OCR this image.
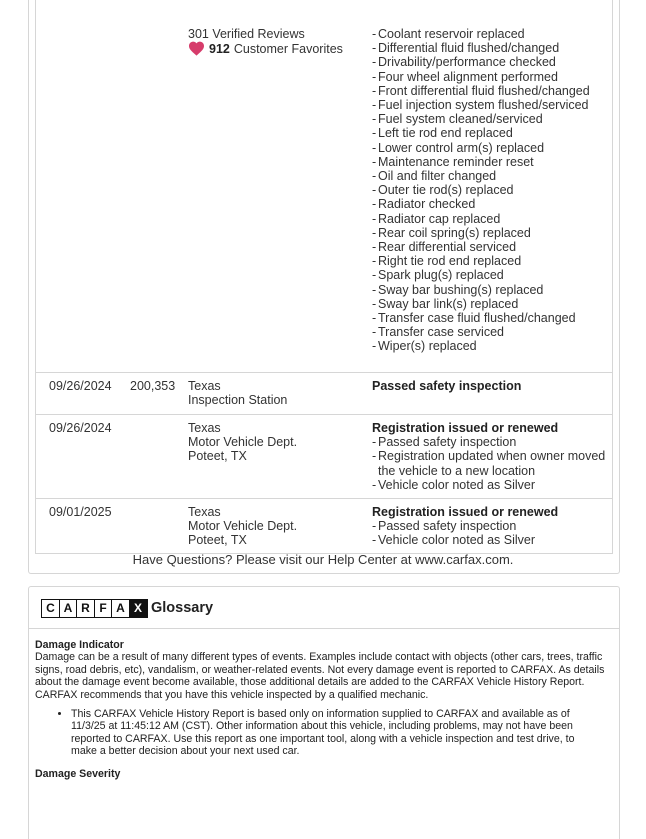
301 Verified Reviews
912 Customer Favorites
- Coolant reservoir replaced
- Differential fluid flushed/changed
- Drivability/performance checked
- Four wheel alignment performed
- Front differential fluid flushed/changed
- Fuel injection system flushed/serviced
- Fuel system cleaned/serviced
- Left tie rod end replaced
- Lower control arm(s) replaced
- Maintenance reminder reset
- Oil and filter changed
- Outer tie rod(s) replaced
- Radiator checked
- Radiator cap replaced
- Rear coil spring(s) replaced
- Rear differential serviced
- Right tie rod end replaced
- Spark plug(s) replaced
- Sway bar bushing(s) replaced
- Sway bar link(s) replaced
- Transfer case fluid flushed/changed
- Transfer case serviced
- Wiper(s) replaced
09/26/2024 200,353 Texas
Inspection Station
Passed safety inspection
09/26/2024	Texas
Motor Vehicle Dept.
Poteet, TX
Registration issued or renewed
- Passed safety inspection
- Registration updated when owner moved the vehicle to a new location
- Vehicle color noted as Silver
09/01/2025	Texas
Motor Vehicle Dept.
Poteet, TX
Registration issued or renewed
- Passed safety inspection
- Vehicle color noted as Silver
Have Questions? Please visit our Help Center at www.carfax.com.
C A R F A X Glossary
Damage Indicator

Damage can be a result of many different types of events. Examples include contact with objects (other cars, trees, traffic signs, road debris, etc), vandalism, or weather-related events. Not every damage event is reported to CARFAX. As details about the damage event become available, those additional details are added to the CARFAX Vehicle History Report. CARFAX recommends that you have this vehicle inspected by a qualified mechanic.

• This CARFAX Vehicle History Report is based only on information supplied to CARFAX and available as of 11/3/25 at 11:45:12 AM (CST). Other information about this vehicle, including problems, may not have been reported to CARFAX. Use this report as one important tool, along with a vehicle inspection and test drive, to make a better decision about your next used car.
Damage Severity
